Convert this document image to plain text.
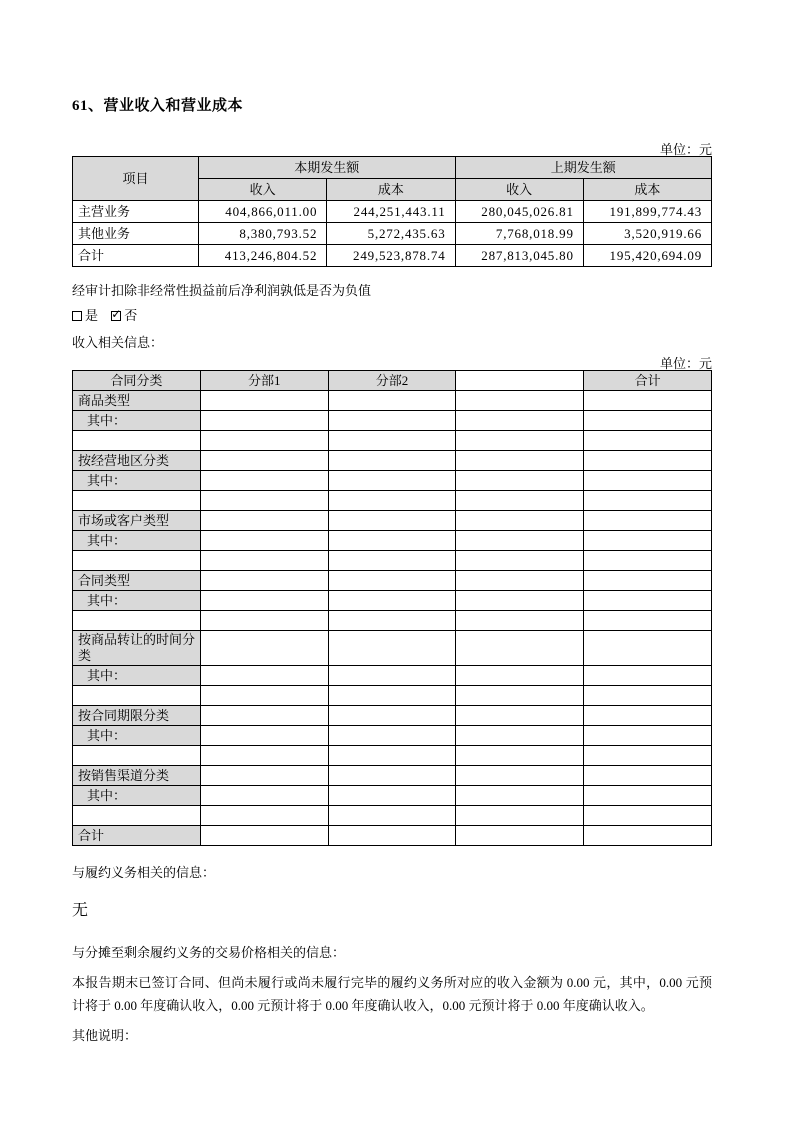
61、营业收入和营业成本
单位：元
项目	本期发生额		上期发生额	
	收入	成本	收入	成本
主营业务	404,866,011.00	244,251,443.11	280,045,026.81	191,899,774.43
其他业务	8,380,793.52	5,272,435.63	7,768,018.99	3,520,919.66
合计	413,246,804.52	249,523,878.74	287,813,045.80	195,420,694.09
经审计扣除非经常性损益前后净利润孰低是否为负值
是 ✓ 否
收入相关信息：
单位：元
合同分类	分部1	分部2		合计
商品类型				
其中：				

按经营地区分类				
其中：				

市场或客户类型				
其中：				

合同类型				
其中：				

按商品转让的时间分类				
其中：				

按合同期限分类				
其中：				

按销售渠道分类				
其中：				

合计				
与履约义务相关的信息：
无
与分摊至剩余履约义务的交易价格相关的信息：
本报告期末已签订合同、但尚未履行或尚未履行完毕的履约义务所对应的收入金额为 0.00 元，其中，0.00 元预计将于 0.00 年度确认收入，0.00 元预计将于 0.00 年度确认收入，0.00 元预计将于 0.00 年度确认收入。
其他说明：
